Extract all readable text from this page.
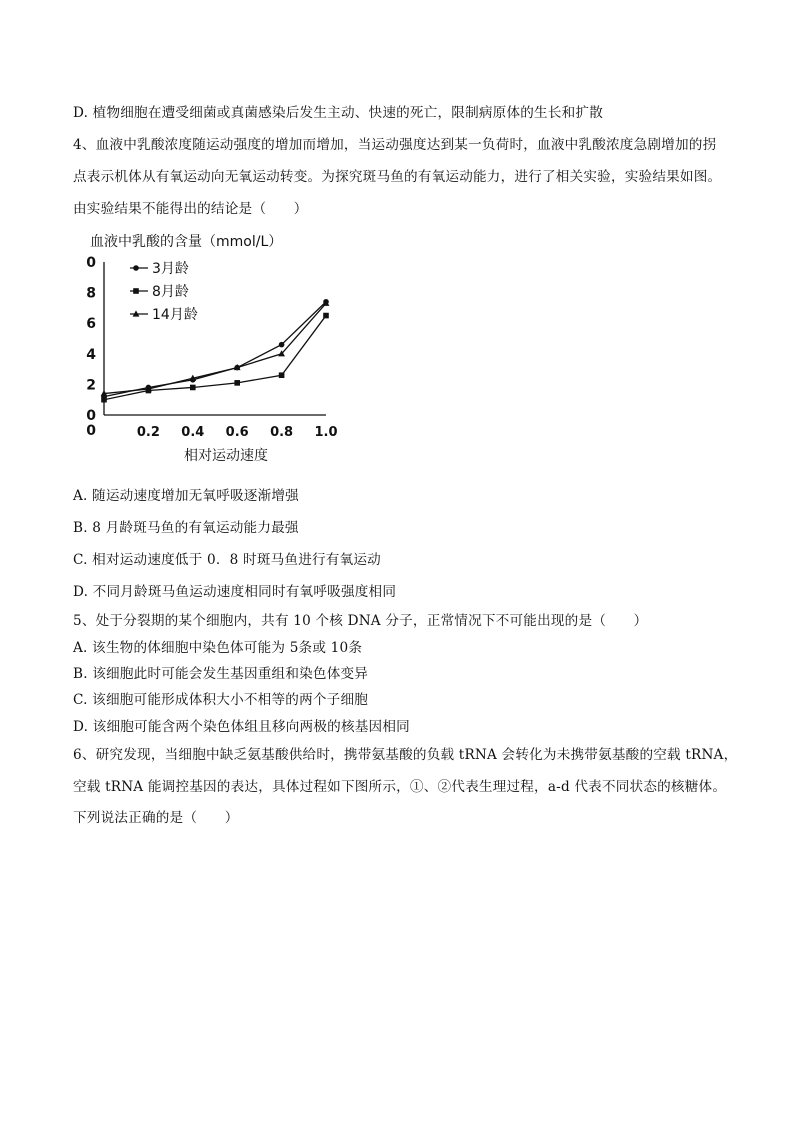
D. 植物细胞在遭受细菌或真菌感染后发生主动、快速的死亡，限制病原体的生长和扩散
4、血液中乳酸浓度随运动强度的增加而增加，当运动强度达到某一负荷时，血液中乳酸浓度急剧增加的拐
点表示机体从有氧运动向无氧运动转变。为探究斑马鱼的有氧运动能力，进行了相关实验，实验结果如图。
由实验结果不能得出的结论是（　　）
血液中乳酸的含量（mmol/L）
0
2
4
6
8
0
0	0.2 0.4 0.6 0.8 1.0
3月龄
8月龄
14月龄
相对运动速度
A. 随运动速度增加无氧呼吸逐渐增强
B. 8 月龄斑马鱼的有氧运动能力最强
C. 相对运动速度低于 0．8 时斑马鱼进行有氧运动
D. 不同月龄斑马鱼运动速度相同时有氧呼吸强度相同
5、处于分裂期的某个细胞内，共有 10 个核 DNA 分子，正常情况下不可能出现的是（　　）
A. 该生物的体细胞中染色体可能为 5条或 10条
B. 该细胞此时可能会发生基因重组和染色体变异
C. 该细胞可能形成体积大小不相等的两个子细胞
D. 该细胞可能含两个染色体组且移向两极的核基因相同
6、研究发现，当细胞中缺乏氨基酸供给时，携带氨基酸的负载 tRNA 会转化为未携带氨基酸的空载 tRNA，
空载 tRNA 能调控基因的表达，具体过程如下图所示，①、②代表生理过程，a-d 代表不同状态的核糖体。
下列说法正确的是（　　）
